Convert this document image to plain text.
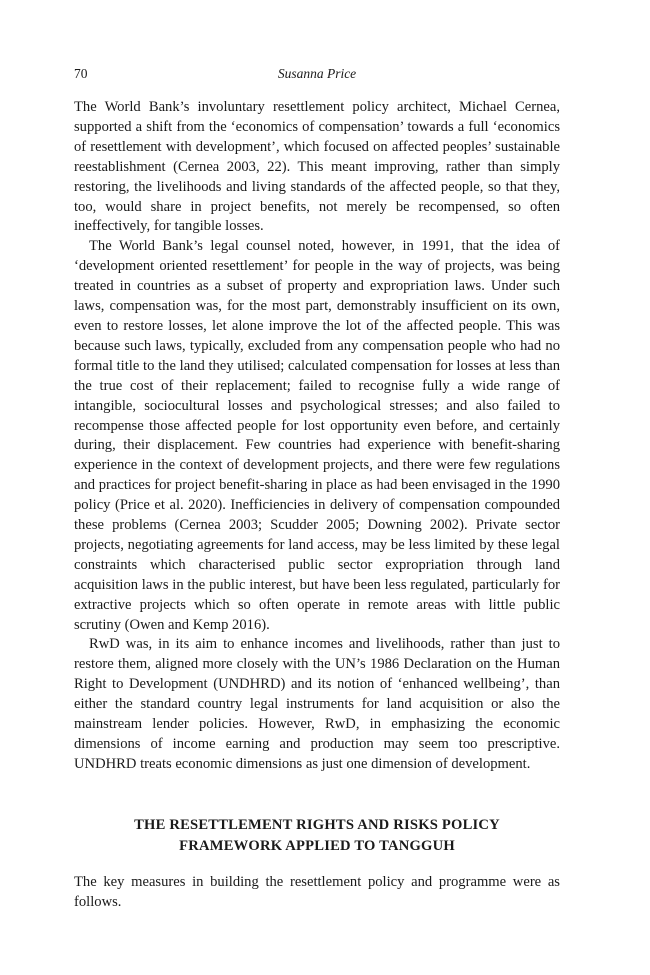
70	Susanna Price

The World Bank’s involuntary resettlement policy architect, Michael Cernea, supported a shift from the ‘economics of compensation’ towards a full ‘economics of resettlement with development’, which focused on affected peoples’ sustainable reestablishment (Cernea 2003, 22). This meant improving, rather than simply restoring, the livelihoods and living standards of the affected people, so that they, too, would share in project benefits, not merely be recompensed, so often ineffectively, for tangible losses.

The World Bank’s legal counsel noted, however, in 1991, that the idea of ‘development oriented resettlement’ for people in the way of projects, was being treated in countries as a subset of property and expropriation laws. Under such laws, compensation was, for the most part, demonstrably insufficient on its own, even to restore losses, let alone improve the lot of the affected people. This was because such laws, typically, excluded from any compensation people who had no formal title to the land they utilised; calculated compensation for losses at less than the true cost of their replacement; failed to recognise fully a wide range of intangible, sociocultural losses and psychological stresses; and also failed to recompense those affected people for lost opportunity even before, and certainly during, their displacement. Few countries had experience with benefit-sharing experience in the context of development projects, and there were few regulations and practices for project benefit-sharing in place as had been envisaged in the 1990 policy (Price et al. 2020). Inefficiencies in delivery of compensation compounded these problems (Cernea 2003; Scudder 2005; Downing 2002). Private sector projects, negotiating agreements for land access, may be less limited by these legal constraints which characterised public sector expropriation through land acquisition laws in the public interest, but have been less regulated, particularly for extractive projects which so often operate in remote areas with little public scrutiny (Owen and Kemp 2016).

RwD was, in its aim to enhance incomes and livelihoods, rather than just to restore them, aligned more closely with the UN’s 1986 Declaration on the Human Right to Development (UNDHRD) and its notion of ‘enhanced wellbeing’, than either the standard country legal instruments for land acquisition or also the mainstream lender policies. However, RwD, in emphasizing the economic dimensions of income earning and production may seem too prescriptive. UNDHRD treats economic dimensions as just one dimension of development.

THE RESETTLEMENT RIGHTS AND RISKS POLICY
FRAMEWORK APPLIED TO TANGGUH

The key measures in building the resettlement policy and programme were as follows.
